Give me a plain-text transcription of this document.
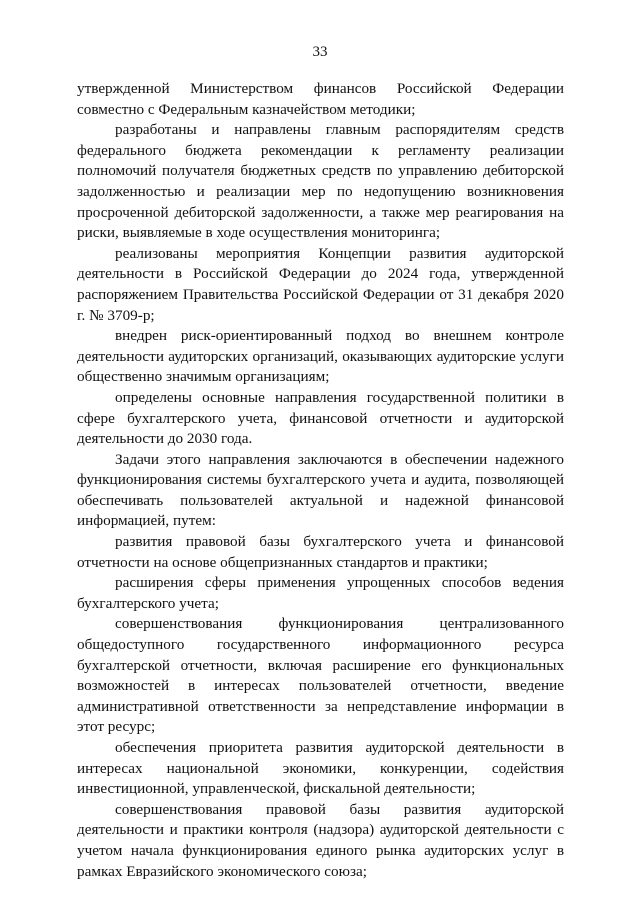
33

утвержденной Министерством финансов Российской Федерации совместно с Федеральным казначейством методики;

разработаны и направлены главным распорядителям средств федерального бюджета рекомендации к регламенту реализации полномочий получателя бюджетных средств по управлению дебиторской задолженностью и реализации мер по недопущению возникновения просроченной дебиторской задолженности, а также мер реагирования на риски, выявляемые в ходе осуществления мониторинга;

реализованы мероприятия Концепции развития аудиторской деятельности в Российской Федерации до 2024 года, утвержденной распоряжением Правительства Российской Федерации от 31 декабря 2020 г. № 3709-р;

внедрен риск-ориентированный подход во внешнем контроле деятельности аудиторских организаций, оказывающих аудиторские услуги общественно значимым организациям;

определены основные направления государственной политики в сфере бухгалтерского учета, финансовой отчетности и аудиторской деятельности до 2030 года.

Задачи этого направления заключаются в обеспечении надежного функционирования системы бухгалтерского учета и аудита, позволяющей обеспечивать пользователей актуальной и надежной финансовой информацией, путем:

развития правовой базы бухгалтерского учета и финансовой отчетности на основе общепризнанных стандартов и практики;

расширения сферы применения упрощенных способов ведения бухгалтерского учета;

совершенствования функционирования централизованного общедоступного государственного информационного ресурса бухгалтерской отчетности, включая расширение его функциональных возможностей в интересах пользователей отчетности, введение административной ответственности за непредставление информации в этот ресурс;

обеспечения приоритета развития аудиторской деятельности в интересах национальной экономики, конкуренции, содействия инвестиционной, управленческой, фискальной деятельности;

совершенствования правовой базы развития аудиторской деятельности и практики контроля (надзора) аудиторской деятельности с учетом начала функционирования единого рынка аудиторских услуг в рамках Евразийского экономического союза;
